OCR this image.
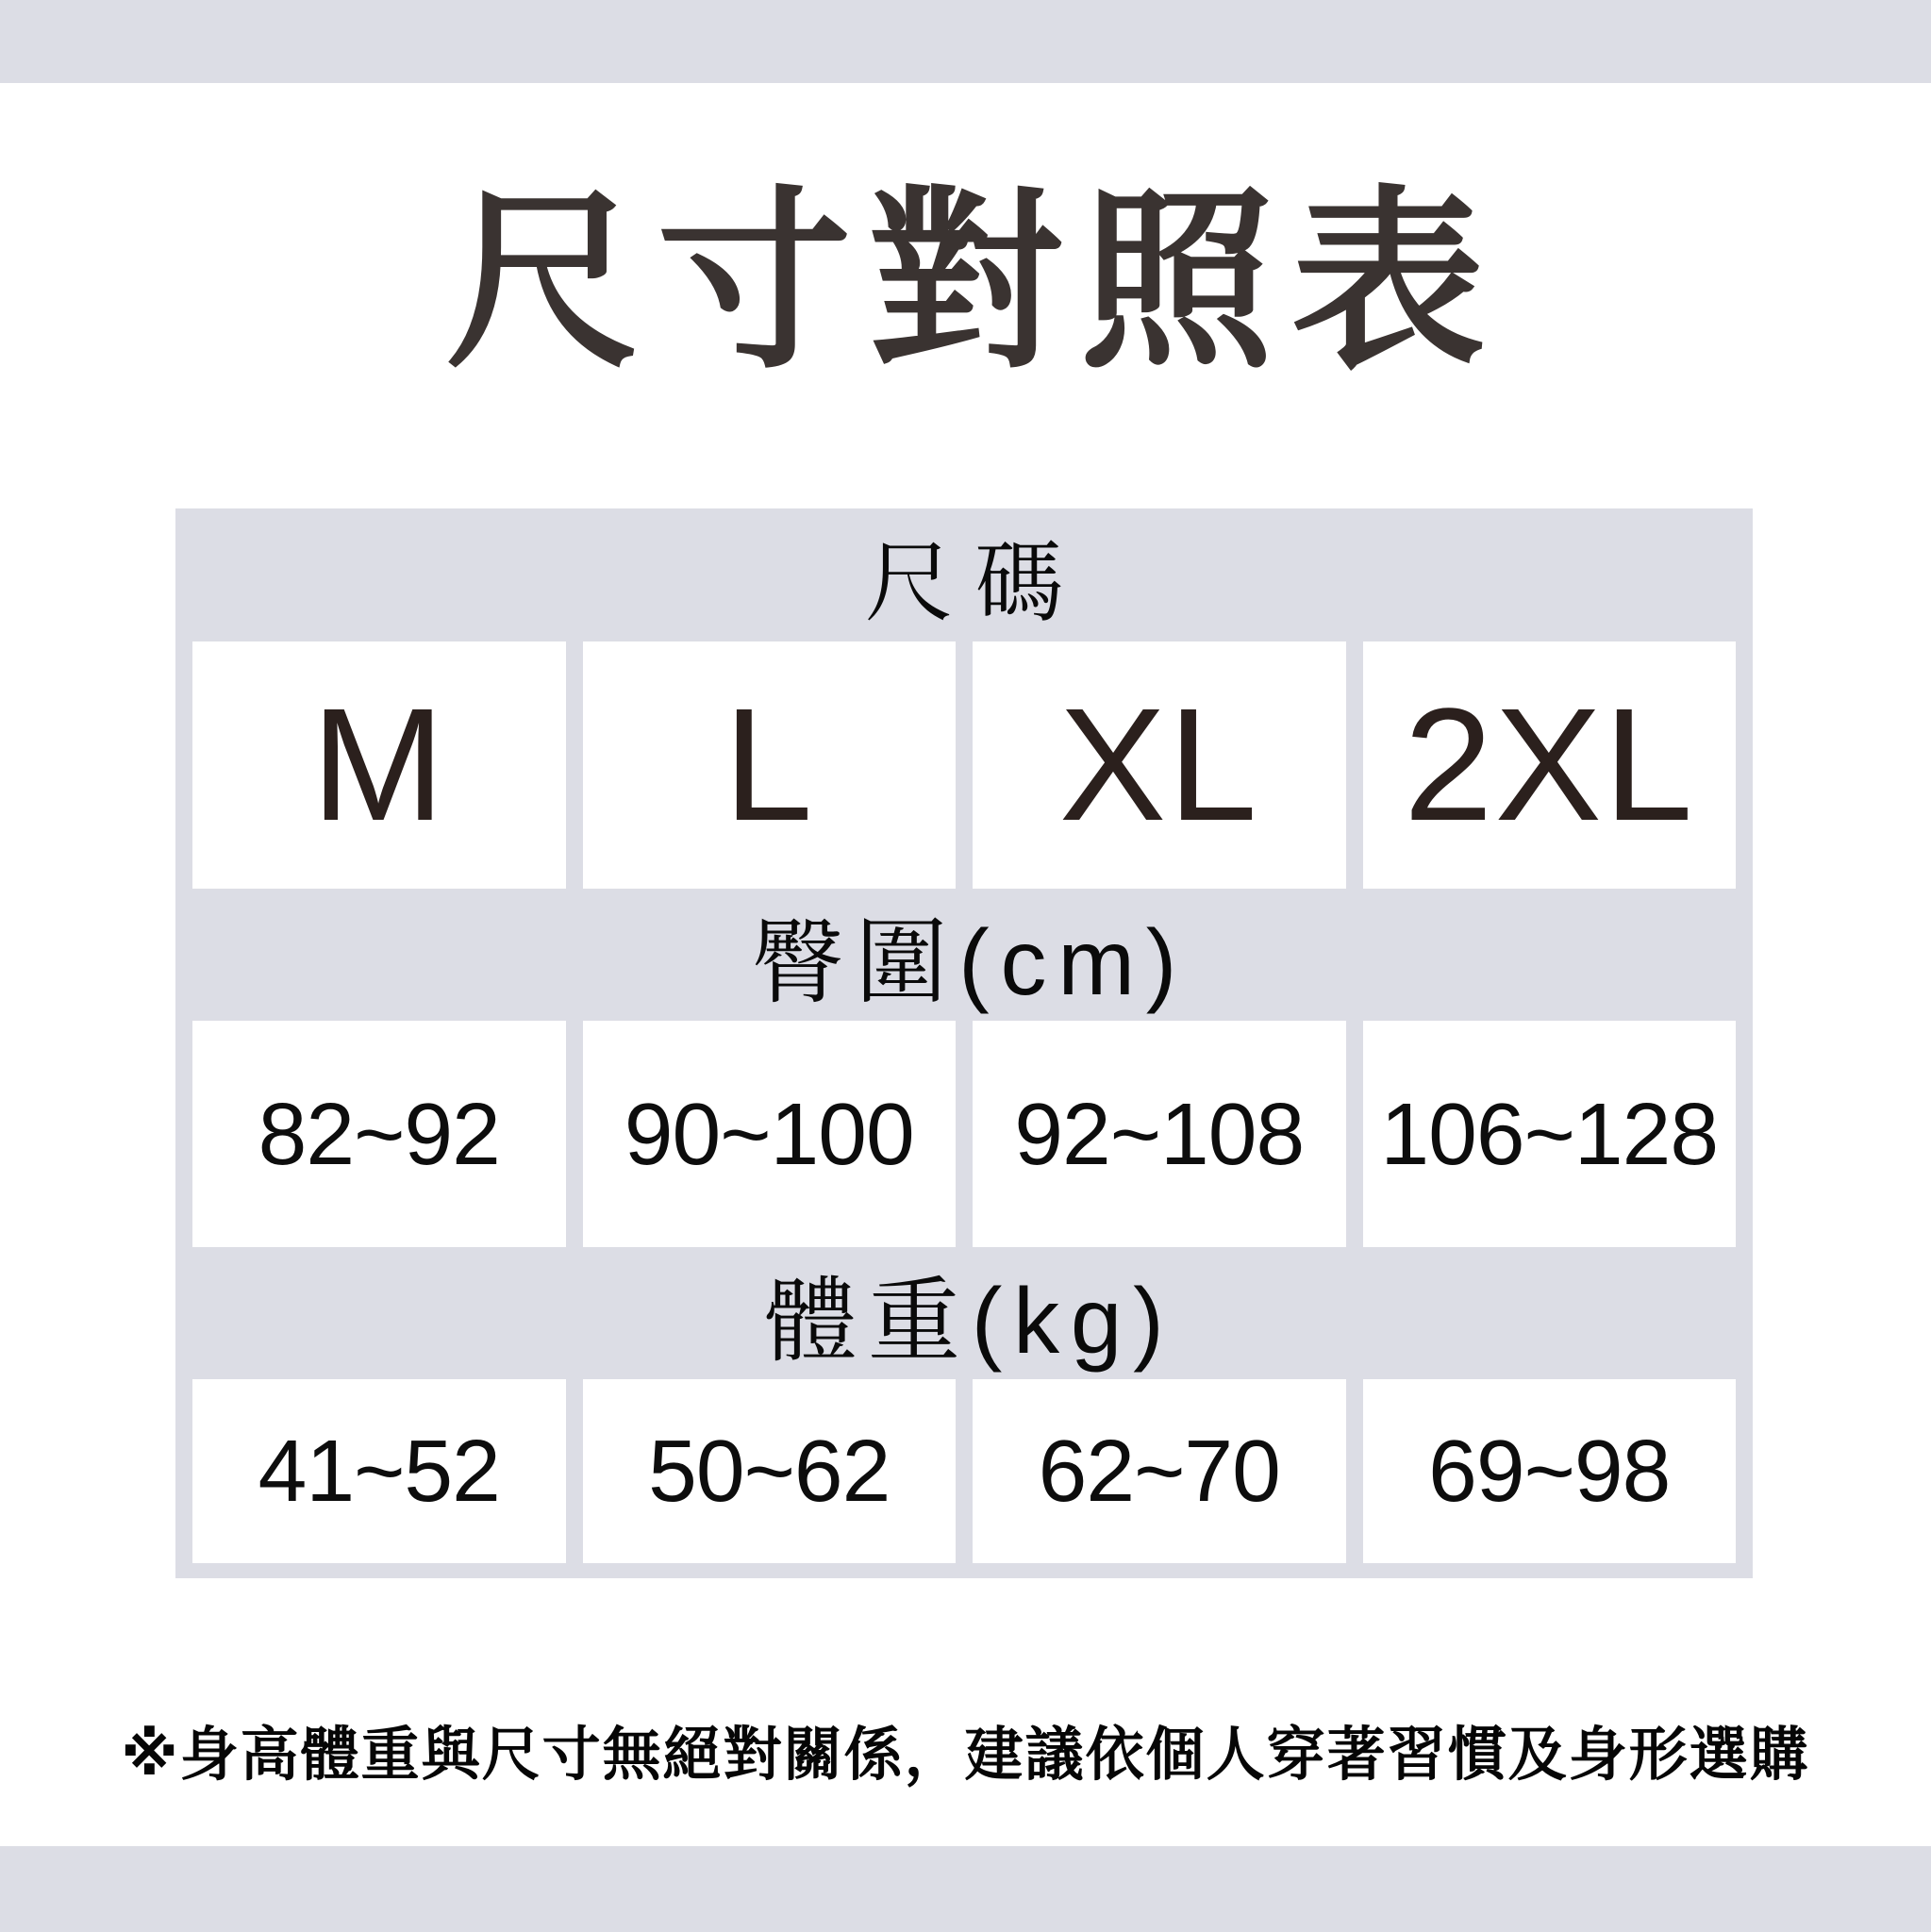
尺寸對照表
尺碼
M	L	XL 2XL
臀圍(cm)
82~92	90~100	92~108 106~128
體重(kg)
41~52	50~62	62~70	69~98

※身高體重與尺寸無絕對關係，建議依個人穿著習慣及身形選購
